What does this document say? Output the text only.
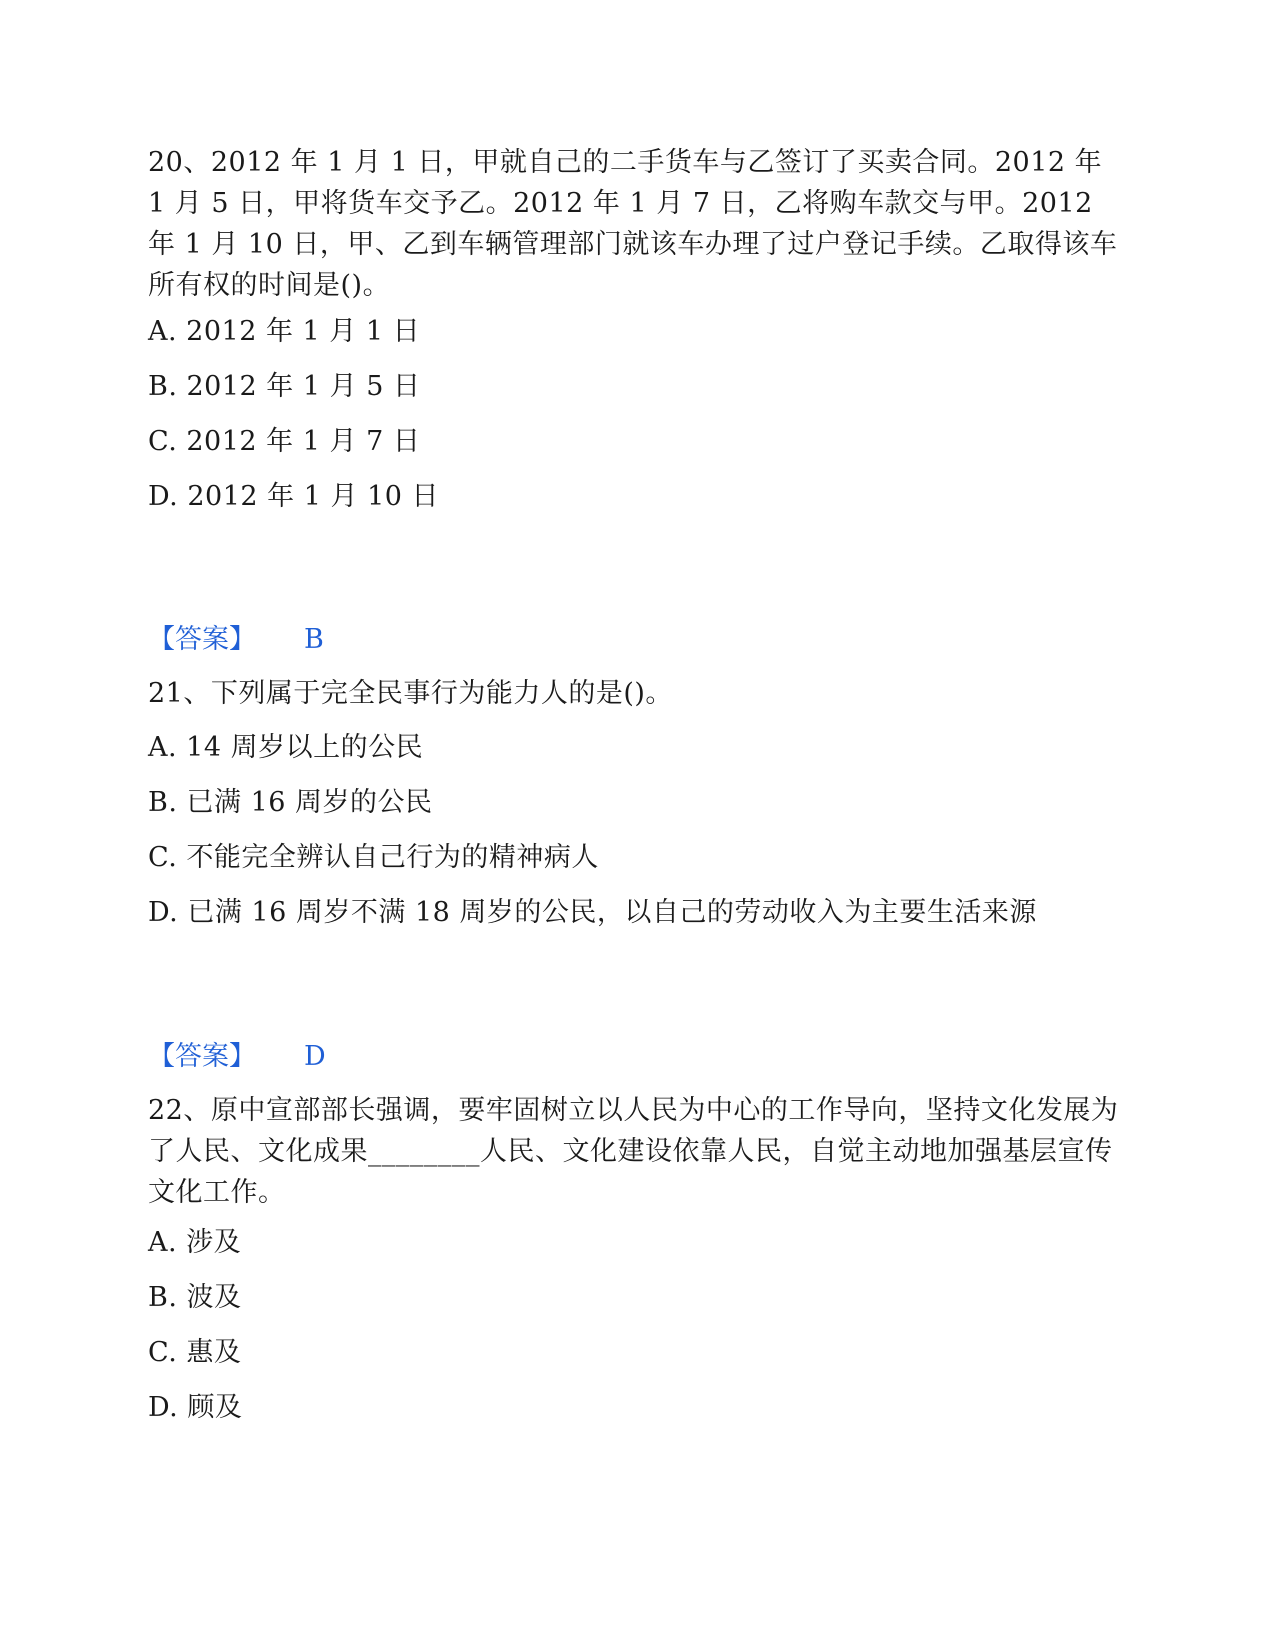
20、2012 年 1 月 1 日，甲就自己的二手货车与乙签订了买卖合同。2012 年 1 月 5 日，甲将货车交予乙。2012 年 1 月 7 日，乙将购车款交与甲。2012 年 1 月 10 日，甲、乙到车辆管理部门就该车办理了过户登记手续。乙取得该车所有权的时间是()。

A. 2012 年 1 月 1 日
B. 2012 年 1 月 5 日
C. 2012 年 1 月 7 日
D. 2012 年 1 月 10 日
【答案】 B

21、下列属于完全民事行为能力人的是()。

A. 14 周岁以上的公民
B. 已满 16 周岁的公民
C. 不能完全辨认自己行为的精神病人
D. 已满 16 周岁不满 18 周岁的公民，以自己的劳动收入为主要生活来源
【答案】 D

22、原中宣部部长强调，要牢固树立以人民为中心的工作导向，坚持文化发展为了人民、文化成果________人民、文化建设依靠人民，自觉主动地加强基层宣传文化工作。

A. 涉及
B. 波及
C. 惠及
D. 顾及
